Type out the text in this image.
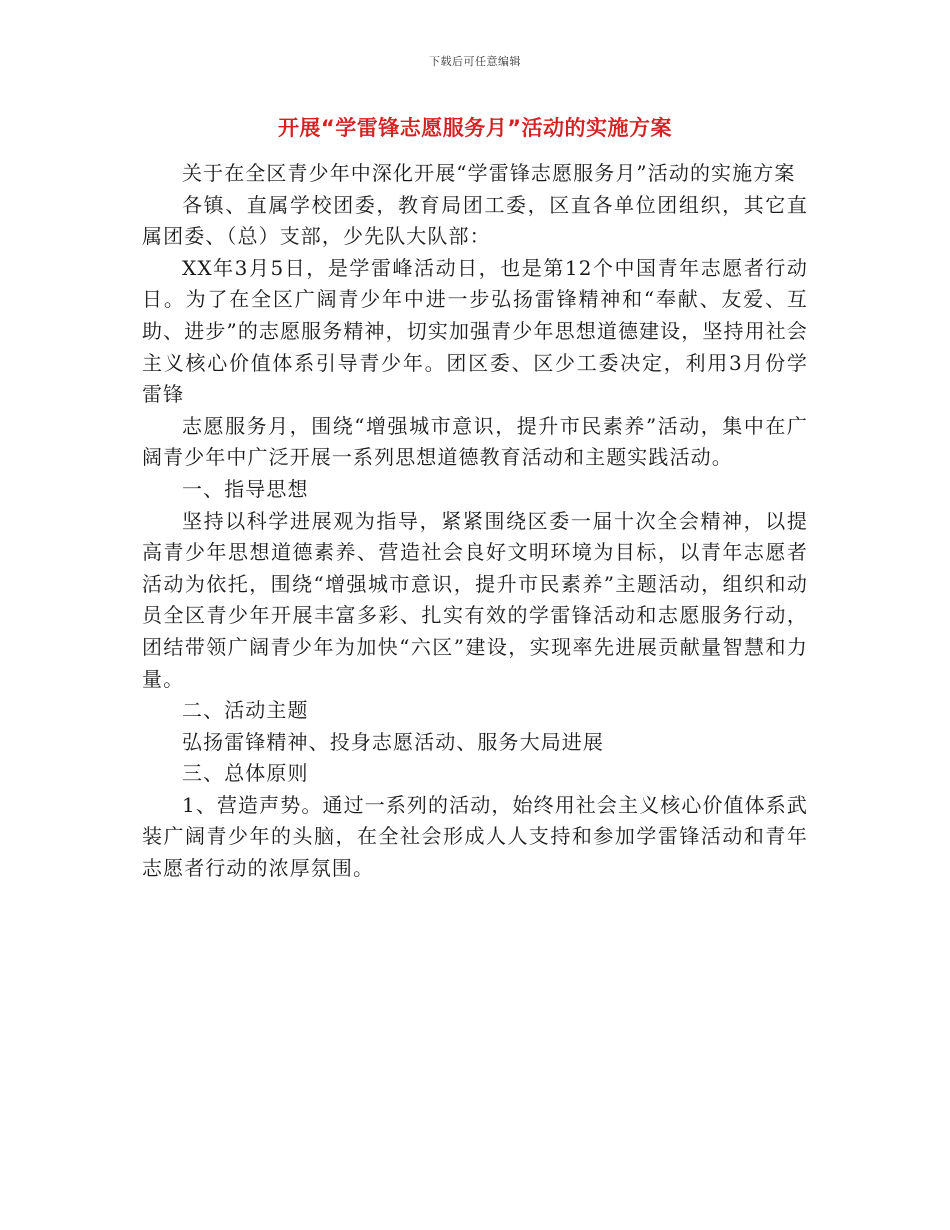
下载后可任意编辑
开展“学雷锋志愿服务月”活动的实施方案

关于在全区青少年中深化开展“学雷锋志愿服务月”活动的实施方案

各镇、直属学校团委，教育局团工委，区直各单位团组织，其它直属团委、（总）支部，少先队大队部：

XX年3月5日，是学雷峰活动日，也是第12个中国青年志愿者行动日。为了在全区广阔青少年中进一步弘扬雷锋精神和“奉献、友爱、互助、进步”的志愿服务精神，切实加强青少年思想道德建设，坚持用社会主义核心价值体系引导青少年。团区委、区少工委决定，利用3月份学雷锋

志愿服务月，围绕“增强城市意识，提升市民素养”活动，集中在广阔青少年中广泛开展一系列思想道德教育活动和主题实践活动。

一、指导思想

坚持以科学进展观为指导，紧紧围绕区委一届十次全会精神，以提高青少年思想道德素养、营造社会良好文明环境为目标，以青年志愿者活动为依托，围绕“增强城市意识，提升市民素养”主题活动，组织和动员全区青少年开展丰富多彩、扎实有效的学雷锋活动和志愿服务行动，团结带领广阔青少年为加快“六区”建设，实现率先进展贡献量智慧和力量。

二、活动主题

弘扬雷锋精神、投身志愿活动、服务大局进展

三、总体原则

1、营造声势。通过一系列的活动，始终用社会主义核心价值体系武装广阔青少年的头脑，在全社会形成人人支持和参加学雷锋活动和青年志愿者行动的浓厚氛围。
